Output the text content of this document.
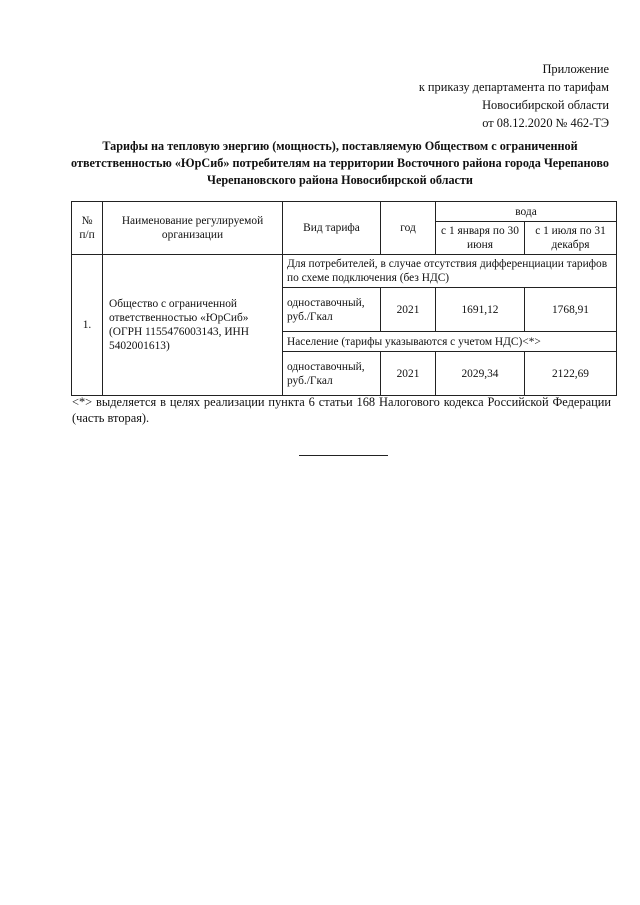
Приложение
к приказу департамента по тарифам
Новосибирской области
от 08.12.2020 № 462-ТЭ
Тарифы на тепловую энергию (мощность), поставляемую Обществом с ограниченной ответственностью «ЮрСиб» потребителям на территории Восточного района города Черепаново Черепановского района Новосибирской области
№ п/п	Наименование регулируемой организации	Вид тарифа	год	вода	
				с 1 января по 30 июня	с 1 июля по 31 декабря
1.	Общество с ограниченной ответственностью «ЮрСиб» (ОГРН 1155476003143, ИНН 5402001613)	Для потребителей, в случае отсутствия дифференциации тарифов по схеме подключения (без НДС)			
		одноставочный, руб./Гкал	2021	1691,12	1768,91
		Население (тарифы указываются с учетом НДС)<*>			
		одноставочный, руб./Гкал	2021	2029,34	2122,69
<*> выделяется в целях реализации пункта 6 статьи 168 Налогового кодекса Российской Федерации (часть вторая).
